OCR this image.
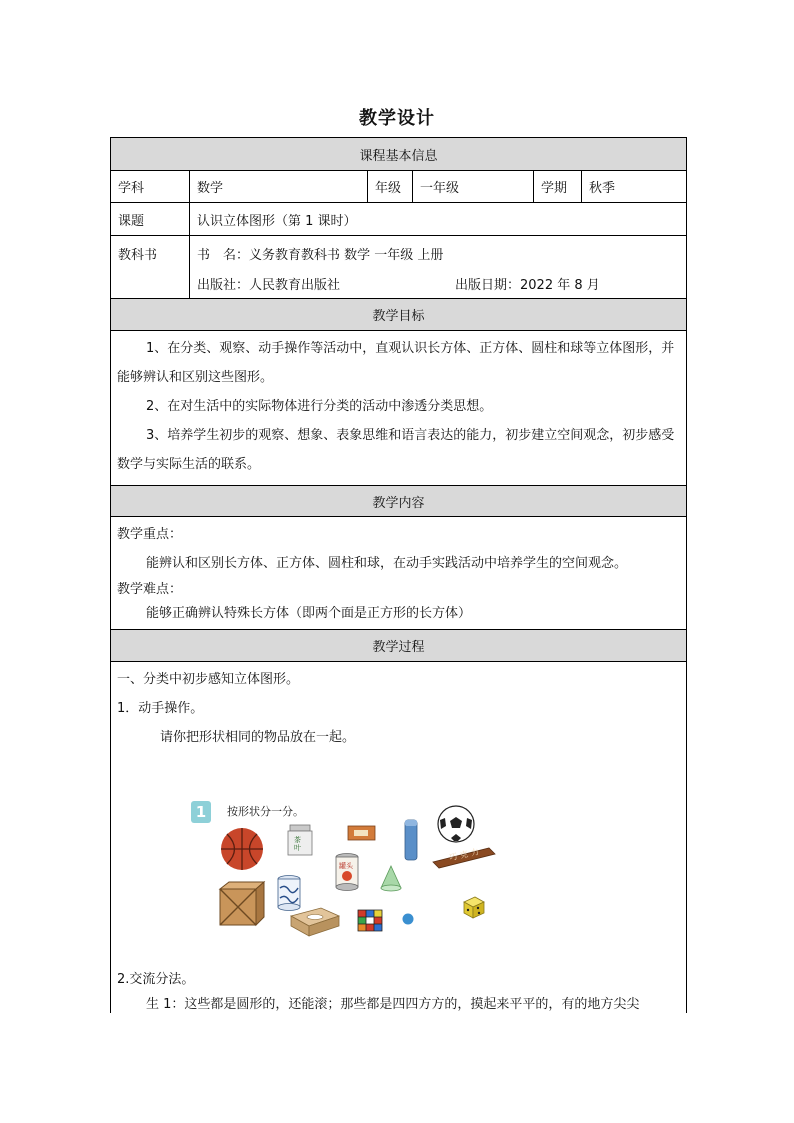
教学设计
课程基本信息
学科	数学	年级	一年级	学期	秋季
课题	认识立体图形（第 1 课时）
教科书	书　名：义务教育教科书 数学 一年级 上册
出版社：人民教育出版社	出版日期：2022 年 8 月
教学目标
1、在分类、观察、动手操作等活动中，直观认识长方体、正方体、圆柱和球等立体图形，并能够辨认和区别这些图形。
2、在对生活中的实际物体进行分类的活动中渗透分类思想。
3、培养学生初步的观察、想象、表象思维和语言表达的能力，初步建立空间观念，初步感受数学与实际生活的联系。
教学内容
教学重点：
能辨认和区别长方体、正方体、圆柱和球，在动手实践活动中培养学生的空间观念。
教学难点：
能够正确辨认特殊长方体（即两个面是正方形的长方体）
教学过程
一、分类中初步感知立体图形。
1．动手操作。
请你把形状相同的物品放在一起。
1	按形状分一分。
茶叶	巧克力
罐头
2.交流分法。
生 1：这些都是圆形的，还能滚；那些都是四四方方的，摸起来平平的，有的地方尖尖
